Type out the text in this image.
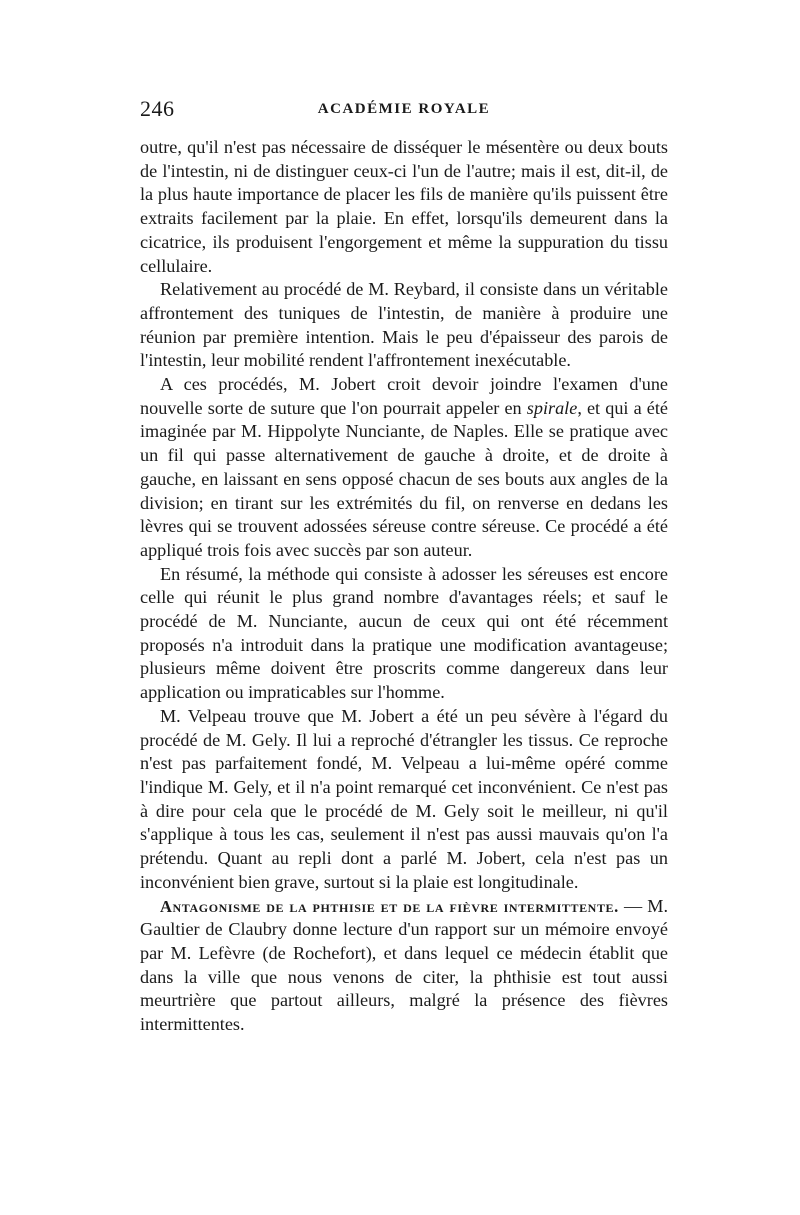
246	ACADÉMIE ROYALE

outre, qu'il n'est pas nécessaire de disséquer le mésentère ou deux bouts de l'intestin, ni de distinguer ceux-ci l'un de l'autre; mais il est, dit-il, de la plus haute importance de placer les fils de manière qu'ils puissent être extraits facilement par la plaie. En effet, lorsqu'ils demeurent dans la cicatrice, ils produisent l'engorgement et même la suppuration du tissu cellulaire.

Relativement au procédé de M. Reybard, il consiste dans un véritable affrontement des tuniques de l'intestin, de manière à produire une réunion par première intention. Mais le peu d'épaisseur des parois de l'intestin, leur mobilité rendent l'affrontement inexécutable.

A ces procédés, M. Jobert croit devoir joindre l'examen d'une nouvelle sorte de suture que l'on pourrait appeler en spirale, et qui a été imaginée par M. Hippolyte Nunciante, de Naples. Elle se pratique avec un fil qui passe alternativement de gauche à droite, et de droite à gauche, en laissant en sens opposé chacun de ses bouts aux angles de la division; en tirant sur les extrémités du fil, on renverse en dedans les lèvres qui se trouvent adossées séreuse contre séreuse. Ce procédé a été appliqué trois fois avec succès par son auteur.

En résumé, la méthode qui consiste à adosser les séreuses est encore celle qui réunit le plus grand nombre d'avantages réels; et sauf le procédé de M. Nunciante, aucun de ceux qui ont été récemment proposés n'a introduit dans la pratique une modification avantageuse; plusieurs même doivent être proscrits comme dangereux dans leur application ou impraticables sur l'homme.

M. Velpeau trouve que M. Jobert a été un peu sévère à l'égard du procédé de M. Gely. Il lui a reproché d'étrangler les tissus. Ce reproche n'est pas parfaitement fondé, M. Velpeau a lui-même opéré comme l'indique M. Gely, et il n'a point remarqué cet inconvénient. Ce n'est pas à dire pour cela que le procédé de M. Gely soit le meilleur, ni qu'il s'applique à tous les cas, seulement il n'est pas aussi mauvais qu'on l'a prétendu. Quant au repli dont a parlé M. Jobert, cela n'est pas un inconvénient bien grave, surtout si la plaie est longitudinale.

Antagonisme de la phthisie et de la fièvre intermittente. — M. Gaultier de Claubry donne lecture d'un rapport sur un mémoire envoyé par M. Lefèvre (de Rochefort), et dans lequel ce médecin établit que dans la ville que nous venons de citer, la phthisie est tout aussi meurtrière que partout ailleurs, malgré la présence des fièvres intermittentes.
